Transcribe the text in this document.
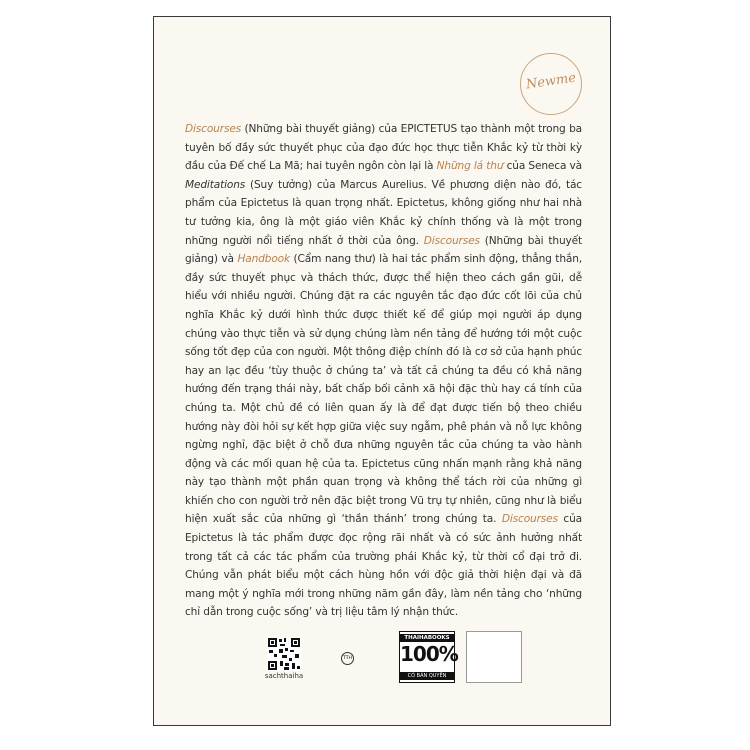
Newme
Discourses (Những bài thuyết giảng) của EPICTETUS tạo thành một trong ba tuyên bố đầy sức thuyết phục của đạo đức học thực tiễn Khắc kỷ từ thời kỳ đầu của Đế chế La Mã; hai tuyên ngôn còn lại là Những lá thư của Seneca và Meditations (Suy tưởng) của Marcus Aurelius. Về phương diện nào đó, tác phẩm của Epictetus là quan trọng nhất. Epictetus, không giống như hai nhà tư tưởng kia, ông là một giáo viên Khắc kỷ chính thống và là một trong những người nổi tiếng nhất ở thời của ông. Discourses (Những bài thuyết giảng) và Handbook (Cẩm nang thư) là hai tác phẩm sinh động, thẳng thắn, đầy sức thuyết phục và thách thức, được thể hiện theo cách gần gũi, dễ hiểu với nhiều người. Chúng đặt ra các nguyên tắc đạo đức cốt lõi của chủ nghĩa Khắc kỷ dưới hình thức được thiết kế để giúp mọi người áp dụng chúng vào thực tiễn và sử dụng chúng làm nền tảng để hướng tới một cuộc sống tốt đẹp của con người. Một thông điệp chính đó là cơ sở của hạnh phúc hay an lạc đều ‘tùy thuộc ở chúng ta’ và tất cả chúng ta đều có khả năng hướng đến trạng thái này, bất chấp bối cảnh xã hội đặc thù hay cá tính của chúng ta. Một chủ đề có liên quan ấy là để đạt được tiến bộ theo chiều hướng này đòi hỏi sự kết hợp giữa việc suy ngẫm, phê phán và nỗ lực không ngừng nghỉ, đặc biệt ở chỗ đưa những nguyên tắc của chúng ta vào hành động và các mối quan hệ của ta. Epictetus cũng nhấn mạnh rằng khả năng này tạo thành một phần quan trọng và không thể tách rời của những gì khiến cho con người trở nên đặc biệt trong Vũ trụ tự nhiên, cũng như là biểu hiện xuất sắc của những gì ‘thần thánh’ trong chúng ta. Discourses của Epictetus là tác phẩm được đọc rộng rãi nhất và có sức ảnh hưởng nhất trong tất cả các tác phẩm của trường phái Khắc kỷ, từ thời cổ đại trở đi. Chúng vẫn phát biểu một cách hùng hồn với độc giả thời hiện đại và đã mang một ý nghĩa mới trong những năm gần đây, làm nền tảng cho ‘những chỉ dẫn trong cuộc sống’ và trị liệu tâm lý nhận thức.
sachthaiha
TTH
THAIHABOOKS
100%
CÓ BẢN QUYỀN
